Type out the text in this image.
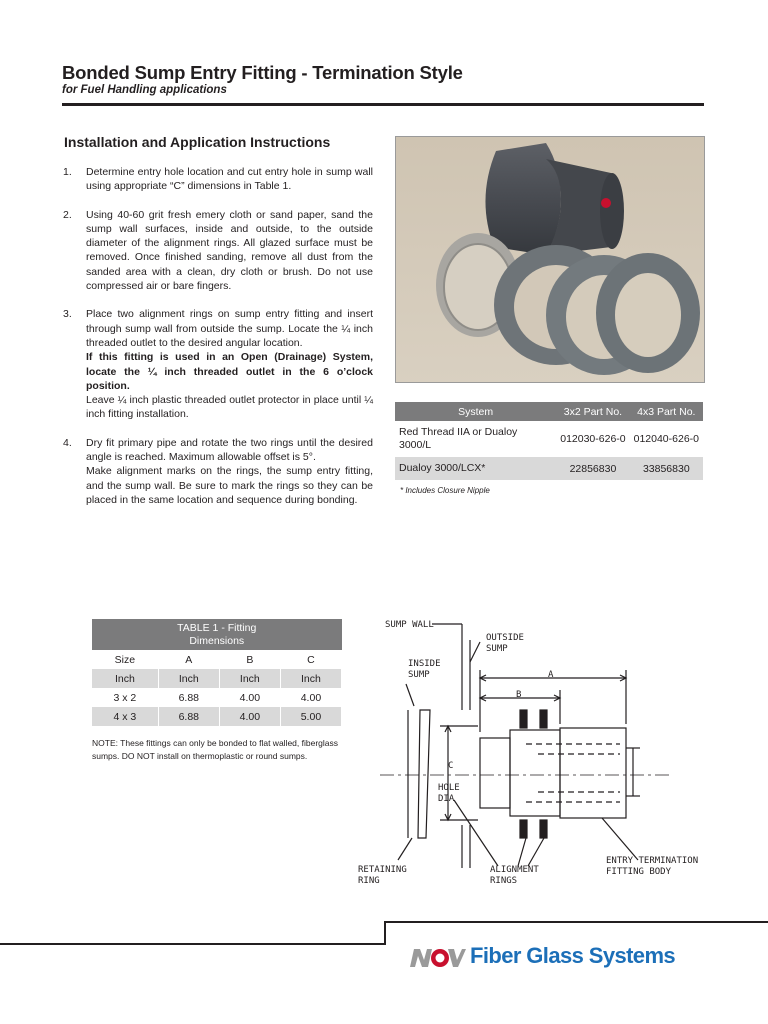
Bonded Sump Entry Fitting - Termination Style
for Fuel Handling applications
Installation and Application Instructions
1. Determine entry hole location and cut entry hole in sump wall using appropriate “C” dimensions in Table 1.

2. Using 40-60 grit fresh emery cloth or sand paper, sand the sump wall surfaces, inside and outside, to the outside diameter of the alignment rings. All glazed surface must be removed. Once finished sanding, remove all dust from the sanded area with a clean, dry cloth or brush. Do not use compressed air or bare fingers.

3. Place two alignment rings on sump entry fitting and insert through sump wall from outside the sump. Locate the ¼ inch threaded outlet to the desired angular location.

If this fitting is used in an Open (Drainage) System, locate the ¼ inch threaded outlet in the 6 o’clock position.

Leave ¼ inch plastic threaded outlet protector in place until ¼ inch fitting installation.

4. Dry fit primary pipe and rotate the two rings until the desired angle is reached. Maximum allowable offset is 5°.

Make alignment marks on the rings, the sump entry fitting, and the sump wall. Be sure to mark the rings so they can be placed in the same location and sequence during bonding.

System	3x2 Part No.	4x3 Part No.
Red Thread IIA or Dualoy 3000/L	012030-626-0	012040-626-0
Dualoy 3000/LCX*	22856830	33856830
* Includes Closure Nipple
TABLE 1 - Fitting Dimensions			
Size	A	B	C
Inch	Inch	Inch	Inch
3 x 2	6.88	4.00	4.00
4 x 3	6.88	4.00	5.00
NOTE: These fittings can only be bonded to flat walled, fiberglass sumps. DO NOT install on thermoplastic or round sumps.
SUMP WALL
OUTSIDE
SUMP
INSIDE
SUMP	A
B
C
HOLE
DIA
RETAINING
RING
ALIGNMENT
RINGS
ENTRY TERMINATION
FITTING BODY
Fiber Glass Systems
